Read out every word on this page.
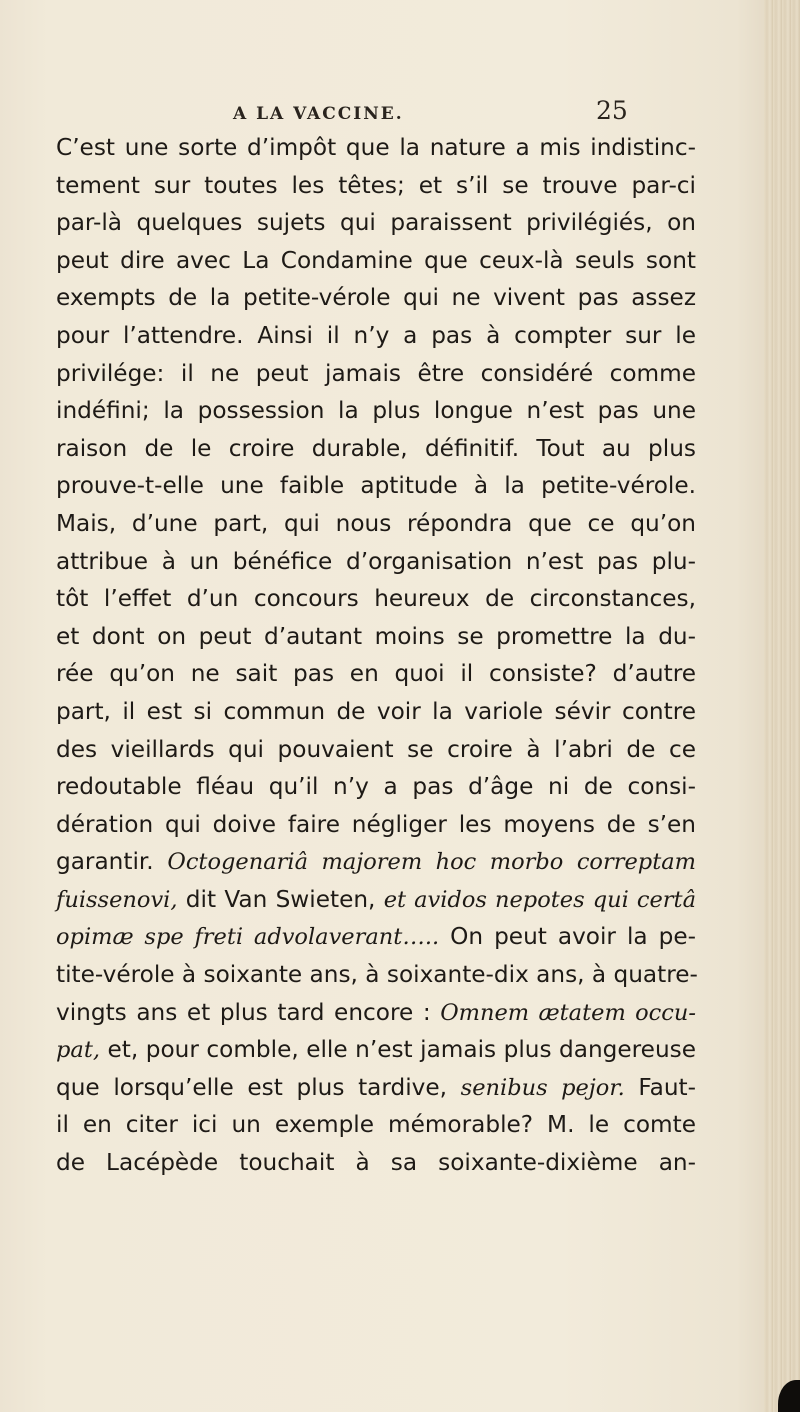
A LA VACCINE.	25
C’est une sorte d’impôt que la nature a mis indistinc-
tement sur toutes les têtes; et s’il se trouve par-ci
par-là quelques sujets qui paraissent privilégiés, on
peut dire avec La Condamine que ceux-là seuls sont
exempts de la petite-vérole qui ne vivent pas assez
pour l’attendre. Ainsi il n’y a pas à compter sur le
privilége: il ne peut jamais être considéré comme
indéfini; la possession la plus longue n’est pas une
raison de le croire durable, définitif. Tout au plus
prouve-t-elle une faible aptitude à la petite-vérole.
Mais, d’une part, qui nous répondra que ce qu’on
attribue à un bénéfice d’organisation n’est pas plu-
tôt l’effet d’un concours heureux de circonstances,
et dont on peut d’autant moins se promettre la du-
rée qu’on ne sait pas en quoi il consiste? d’autre
part, il est si commun de voir la variole sévir contre
des vieillards qui pouvaient se croire à l’abri de ce
redoutable fléau qu’il n’y a pas d’âge ni de consi-
dération qui doive faire négliger les moyens de s’en
garantir. Octogenariâ majorem hoc morbo correptam
fuissenovi, dit Van Swieten, et avidos nepotes qui certâ
opimæ spe freti advolaverant….. On peut avoir la pe-
tite-vérole à soixante ans, à soixante-dix ans, à quatre-
vingts ans et plus tard encore : Omnem ætatem occu-
pat, et, pour comble, elle n’est jamais plus dangereuse
que lorsqu’elle est plus tardive, senibus pejor. Faut-
il en citer ici un exemple mémorable? M. le comte
de Lacépède touchait à sa soixante-dixième an-
